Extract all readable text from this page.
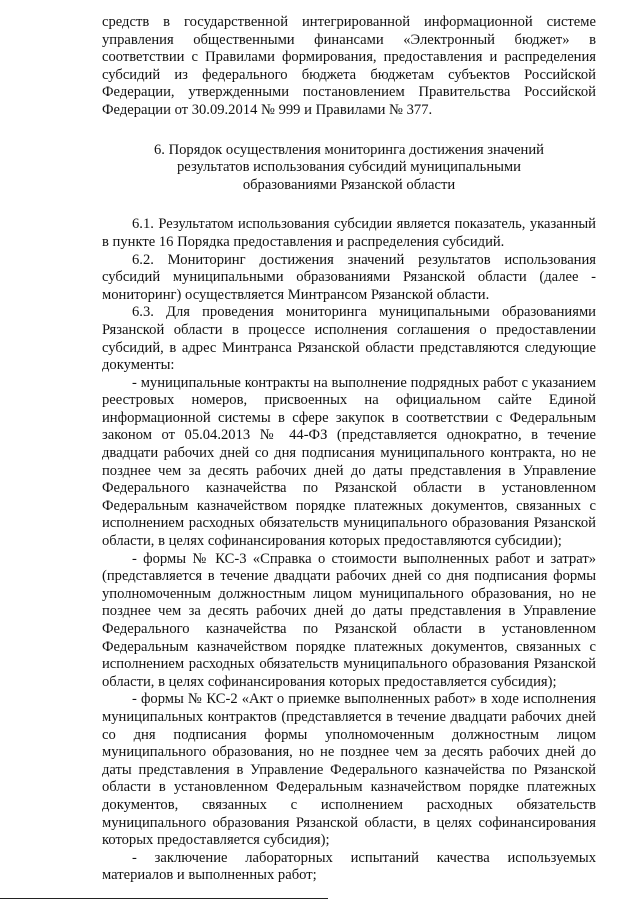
средств в государственной интегрированной информационной системе управления общественными финансами «Электронный бюджет» в соответствии с Правилами формирования, предоставления и распределения субсидий из федерального бюджета бюджетам субъектов Российской Федерации, утвержденными постановлением Правительства Российской Федерации от 30.09.2014 № 999 и Правилами № 377.

6. Порядок осуществления мониторинга достижения значений
результатов использования субсидий муниципальными
образованиями Рязанской области

6.1. Результатом использования субсидии является показатель, указанный в пункте 16 Порядка предоставления и распределения субсидий.

6.2. Мониторинг достижения значений результатов использования субсидий муниципальными образованиями Рязанской области (далее - мониторинг) осуществляется Минтрансом Рязанской области.

6.3. Для проведения мониторинга муниципальными образованиями Рязанской области в процессе исполнения соглашения о предоставлении субсидий, в адрес Минтранса Рязанской области представляются следующие документы:

- муниципальные контракты на выполнение подрядных работ с указанием реестровых номеров, присвоенных на официальном сайте Единой информационной системы в сфере закупок в соответствии с Федеральным законом от 05.04.2013 № 44-ФЗ (представляется однократно, в течение двадцати рабочих дней со дня подписания муниципального контракта, но не позднее чем за десять рабочих дней до даты представления в Управление Федерального казначейства по Рязанской области в установленном Федеральным казначейством порядке платежных документов, связанных с исполнением расходных обязательств муниципального образования Рязанской области, в целях софинансирования которых предоставляются субсидии);

- формы № КС-3 «Справка о стоимости выполненных работ и затрат» (представляется в течение двадцати рабочих дней со дня подписания формы уполномоченным должностным лицом муниципального образования, но не позднее чем за десять рабочих дней до даты представления в Управление Федерального казначейства по Рязанской области в установленном Федеральным казначейством порядке платежных документов, связанных с исполнением расходных обязательств муниципального образования Рязанской области, в целях софинансирования которых предоставляется субсидия);

- формы № КС-2 «Акт о приемке выполненных работ» в ходе исполнения муниципальных контрактов (представляется в течение двадцати рабочих дней со дня подписания формы уполномоченным должностным лицом муниципального образования, но не позднее чем за десять рабочих дней до даты представления в Управление Федерального казначейства по Рязанской области в установленном Федеральным казначейством порядке платежных документов, связанных с исполнением расходных обязательств муниципального образования Рязанской области, в целях софинансирования которых предоставляется субсидия);

- заключение лабораторных испытаний качества используемых материалов и выполненных работ;
